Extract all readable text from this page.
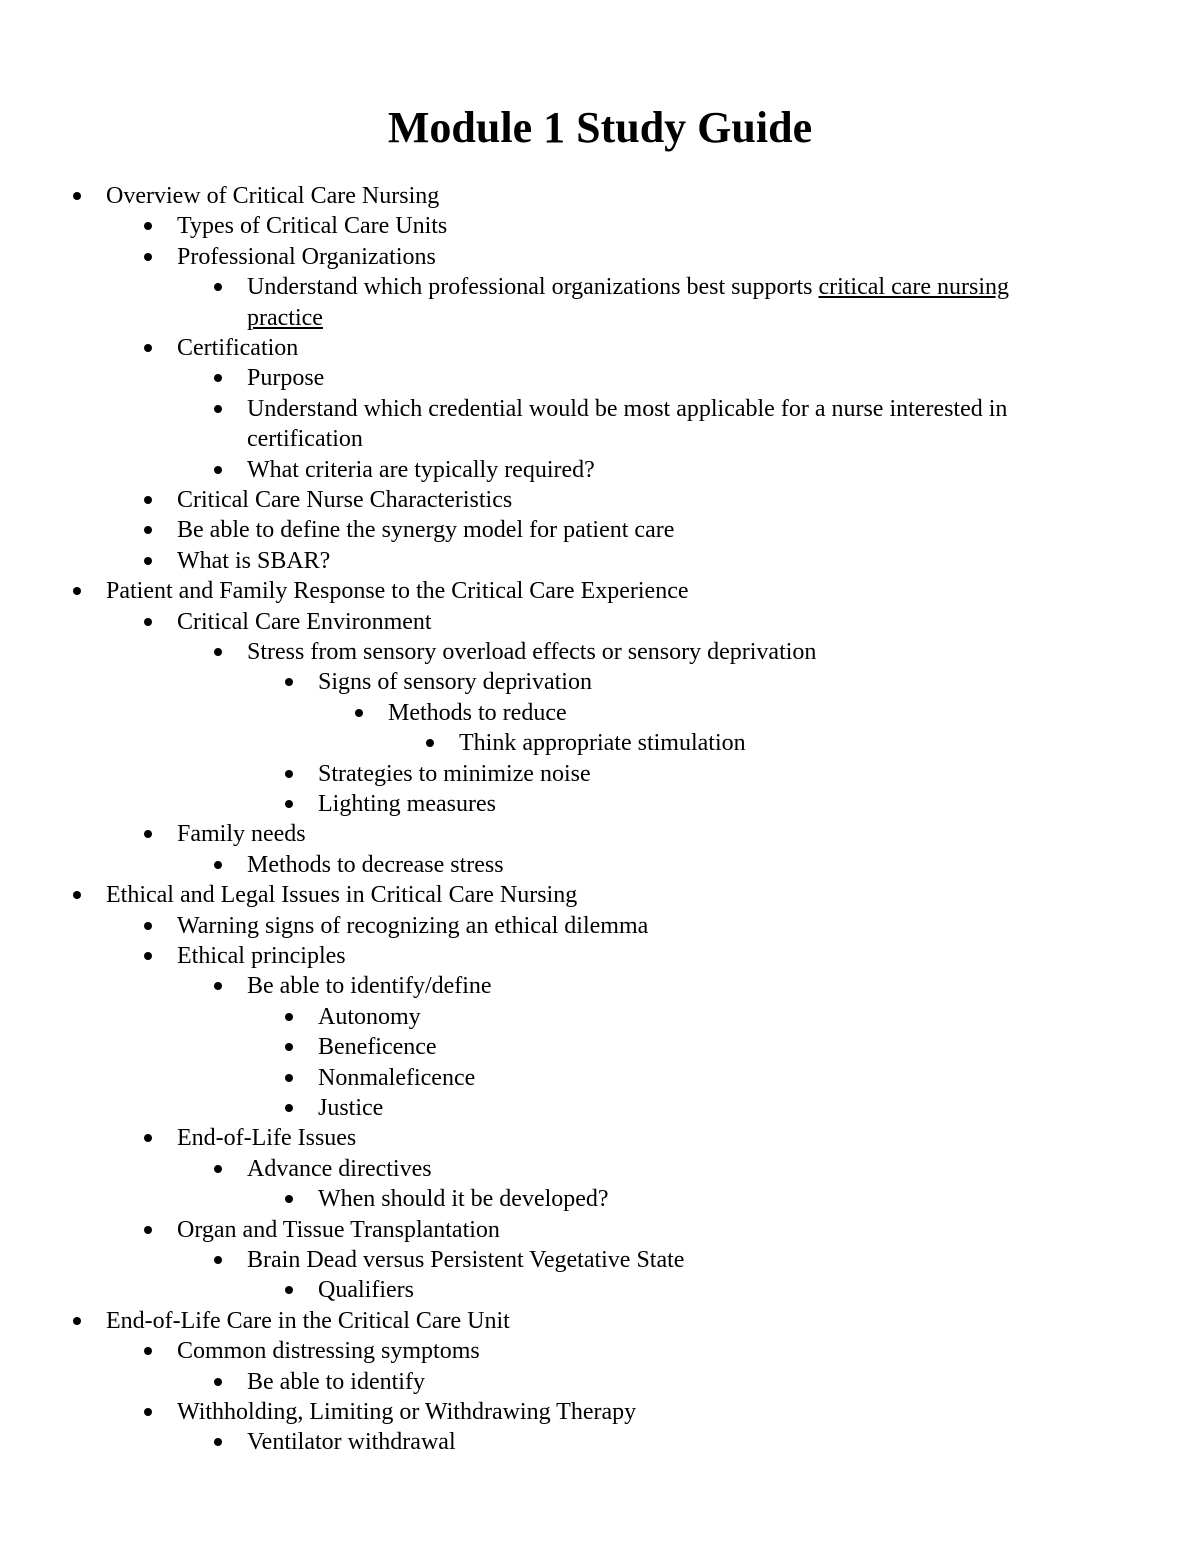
Module 1 Study Guide
Overview of Critical Care Nursing
Types of Critical Care Units
Professional Organizations
Understand which professional organizations best supports critical care nursing
practice
Certification
Purpose
Understand which credential would be most applicable for a nurse interested in
certification
What criteria are typically required?
Critical Care Nurse Characteristics
Be able to define the synergy model for patient care
What is SBAR?
Patient and Family Response to the Critical Care Experience
Critical Care Environment
Stress from sensory overload effects or sensory deprivation
Signs of sensory deprivation
Methods to reduce
Think appropriate stimulation
Strategies to minimize noise
Lighting measures
Family needs
Methods to decrease stress
Ethical and Legal Issues in Critical Care Nursing
Warning signs of recognizing an ethical dilemma
Ethical principles
Be able to identify/define
Autonomy
Beneficence
Nonmaleficence
Justice
End-of-Life Issues
Advance directives
When should it be developed?
Organ and Tissue Transplantation
Brain Dead versus Persistent Vegetative State
Qualifiers
End-of-Life Care in the Critical Care Unit
Common distressing symptoms
Be able to identify
Withholding, Limiting or Withdrawing Therapy
Ventilator withdrawal
